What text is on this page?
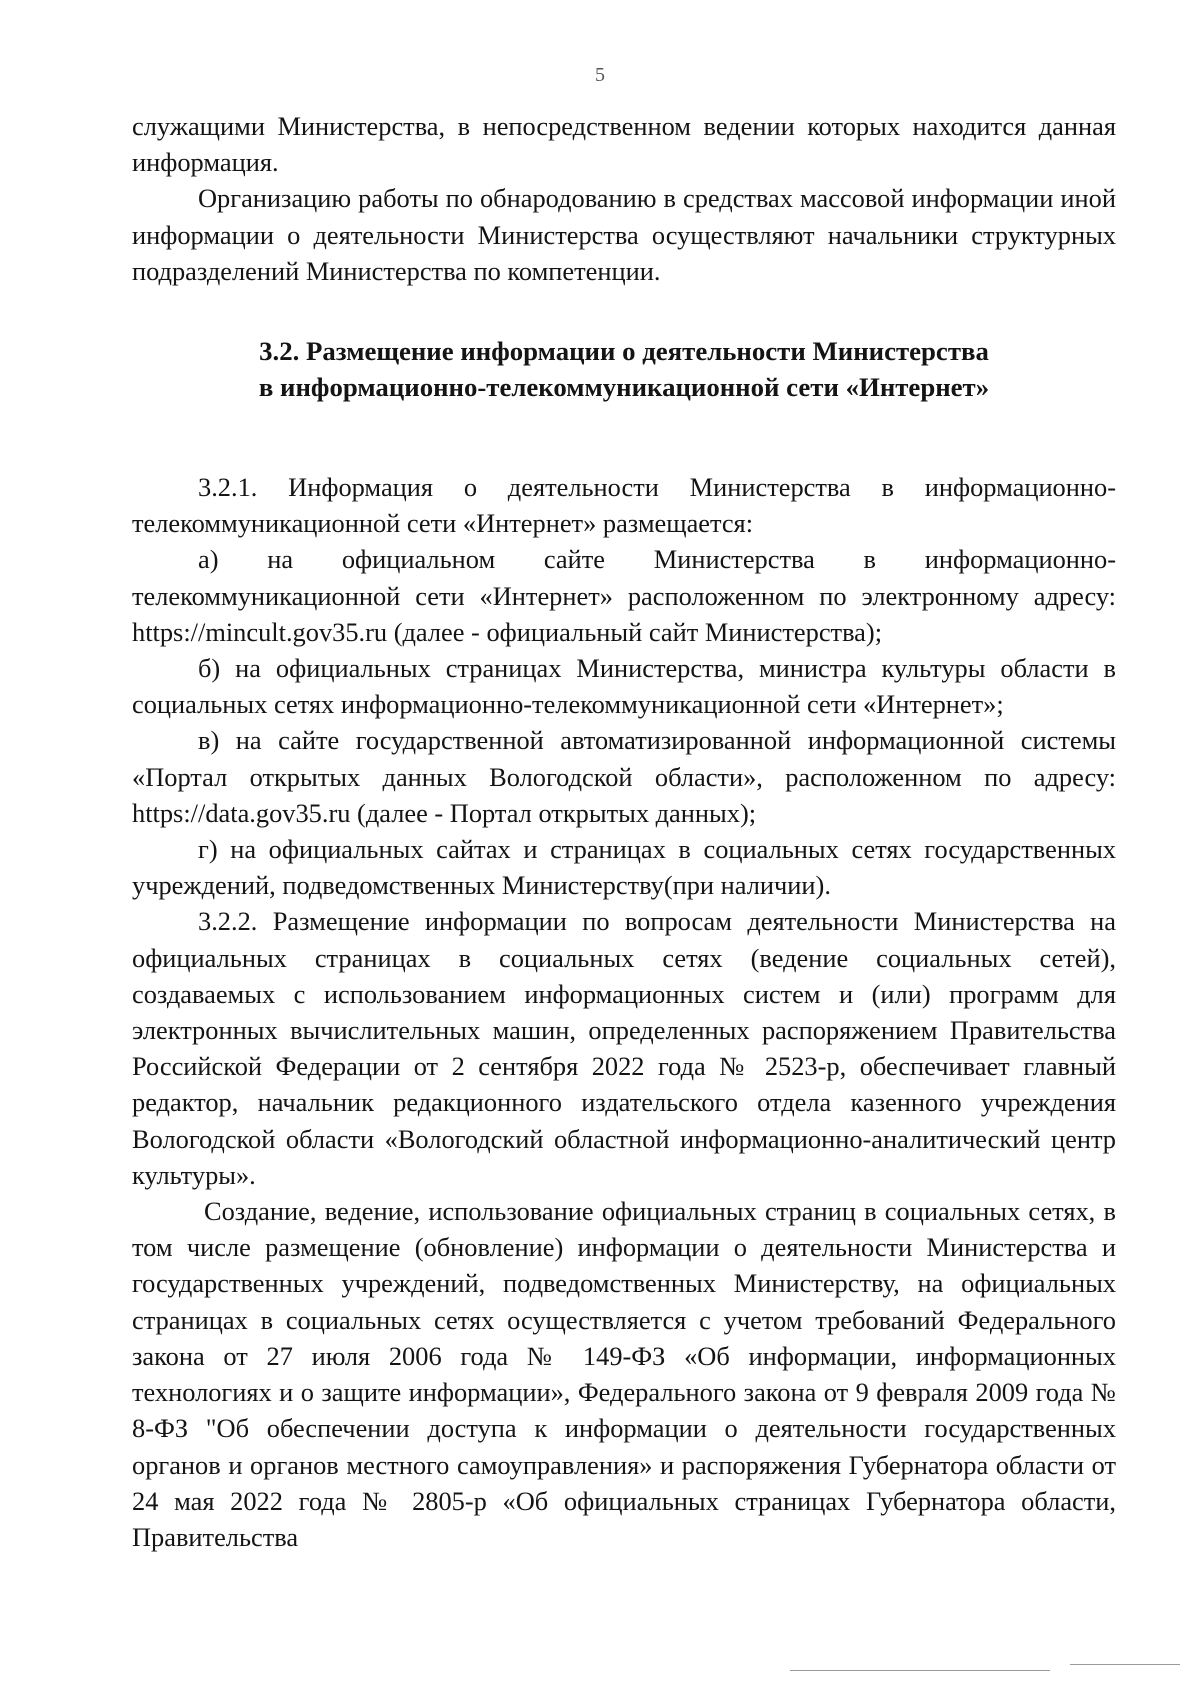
5

служащими Министерства, в непосредственном ведении которых находится данная информация.

Организацию работы по обнародованию в средствах массовой информации иной информации о деятельности Министерства осуществляют начальники структурных подразделений Министерства по компетенции.

3.2. Размещение информации о деятельности Министерства
в информационно-телекоммуникационной сети «Интернет»

3.2.1. Информация о деятельности Министерства в информационно-телекоммуникационной сети «Интернет» размещается:

а) на официальном сайте Министерства в информационно-телекоммуникационной сети «Интернет» расположенном по электронному адресу: https://mincult.gov35.ru (далее - официальный сайт Министерства);

б) на официальных страницах Министерства, министра культуры области в социальных сетях информационно-телекоммуникационной сети «Интернет»;

в) на сайте государственной автоматизированной информационной системы «Портал открытых данных Вологодской области», расположенном по адресу: https://data.gov35.ru (далее - Портал открытых данных);

г) на официальных сайтах и страницах в социальных сетях государственных учреждений, подведомственных Министерству(при наличии).

3.2.2. Размещение информации по вопросам деятельности Министерства на официальных страницах в социальных сетях (ведение социальных сетей), создаваемых с использованием информационных систем и (или) программ для электронных вычислительных машин, определенных распоряжением Правительства Российской Федерации от 2 сентября 2022 года № 2523-р, обеспечивает главный редактор, начальник редакционного издательского отдела казенного учреждения Вологодской области «Вологодский областной информационно-аналитический центр культуры».

Создание, ведение, использование официальных страниц в социальных сетях, в том числе размещение (обновление) информации о деятельности Министерства и государственных учреждений, подведомственных Министерству, на официальных страницах в социальных сетях осуществляется с учетом требований Федерального закона от 27 июля 2006 года № 149-ФЗ «Об информации, информационных технологиях и о защите информации», Федерального закона от 9 февраля 2009 года № 8-ФЗ "Об обеспечении доступа к информации о деятельности государственных органов и органов местного самоуправления» и распоряжения Губернатора области от 24 мая 2022 года № 2805-р «Об официальных страницах Губернатора области, Правительства
